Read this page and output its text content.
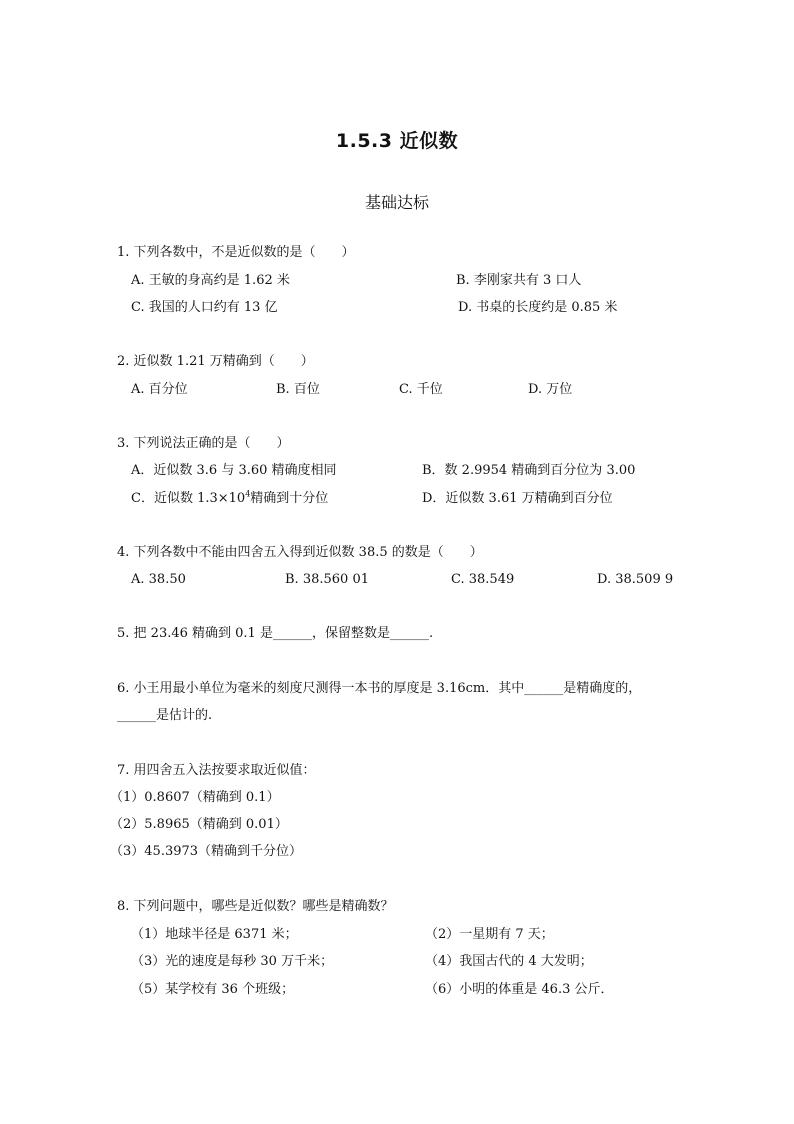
1.5.3 近似数
基础达标
1. 下列各数中，不是近似数的是（　　）
A. 王敏的身高约是 1.62 米	B. 李刚家共有 3 口人
C. 我国的人口约有 13 亿	D. 书桌的长度约是 0.85 米
2. 近似数 1.21 万精确到（　　）
A. 百分位	B. 百位	C. 千位	D. 万位
3. 下列说法正确的是（　　）
A．近似数 3.6 与 3.60 精确度相同	B．数 2.9954 精确到百分位为 3.00
C．近似数 $1.3\times 10^4$精确到十分位	D．近似数 3.61 万精确到百分位
4. 下列各数中不能由四舍五入得到近似数 38.5 的数是（　　）
A. 38.50	B. 38.560 01	C. 38.549	D. 38.509 9
5. 把 23.46 精确到 0.1 是______，保留整数是______.
6. 小王用最小单位为毫米的刻度尺测得一本书的厚度是 3.16cm．其中______是精确度的，
______是估计的.
7. 用四舍五入法按要求取近似值：
（1）0.8607（精确到 0.1）
（2）5.8965（精确到 0.01）
（3）45.3973（精确到千分位）
8. 下列问题中，哪些是近似数？哪些是精确数？
（1）地球半径是 6371 米；	（2）一星期有 7 天；
（3）光的速度是每秒 30 万千米；	（4）我国古代的 4 大发明；
（5）某学校有 36 个班级；	（6）小明的体重是 46.3 公斤．
